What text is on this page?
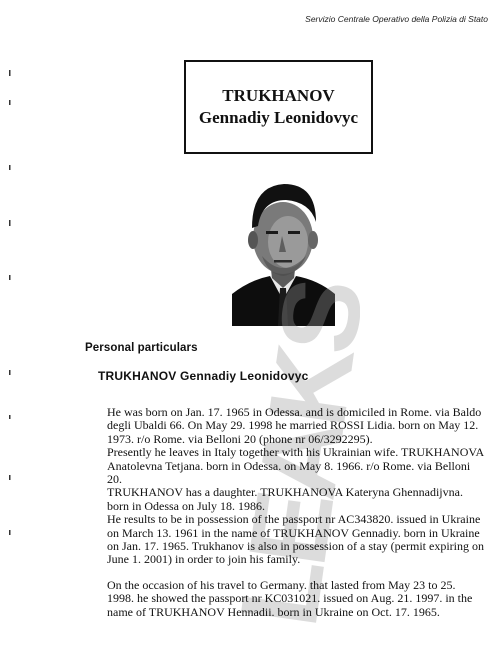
Servizio Centrale Operativo della Polizia di Stato
TRUKHANOV
Gennadiy Leonidovyc
LEAKS
Personal particulars
TRUKHANOV Gennadiy Leonidovyc

He was born on Jan. 17. 1965 in Odessa. and is domiciled in Rome. via Baldo

degli Ubaldi 66. On May 29. 1998 he married ROSSI Lidia. born on May 12.

1973. r/o Rome. via Belloni 20 (phone nr 06/3292295).

Presently he leaves in Italy together with his Ukrainian wife. TRUKHANOVA

Anatolevna Tetjana. born in Odessa. on May 8. 1966. r/o Rome. via Belloni

20.

TRUKHANOV has a daughter. TRUKHANOVA Kateryna Ghennadijvna.

born in Odessa on July 18. 1986.

He results to be in possession of the passport nr AC343820. issued in Ukraine

on March 13. 1961 in the name of TRUKHANOV Gennadiy. born in Ukraine

on Jan. 17. 1965. Trukhanov is also in possession of a stay (permit expiring on

June 1. 2001) in order to join his family.

On the occasion of his travel to Germany. that lasted from May 23 to 25.

1998. he showed the passport nr KC031021. issued on Aug. 21. 1997. in the

name of TRUKHANOV Hennadii. born in Ukraine on Oct. 17. 1965.
